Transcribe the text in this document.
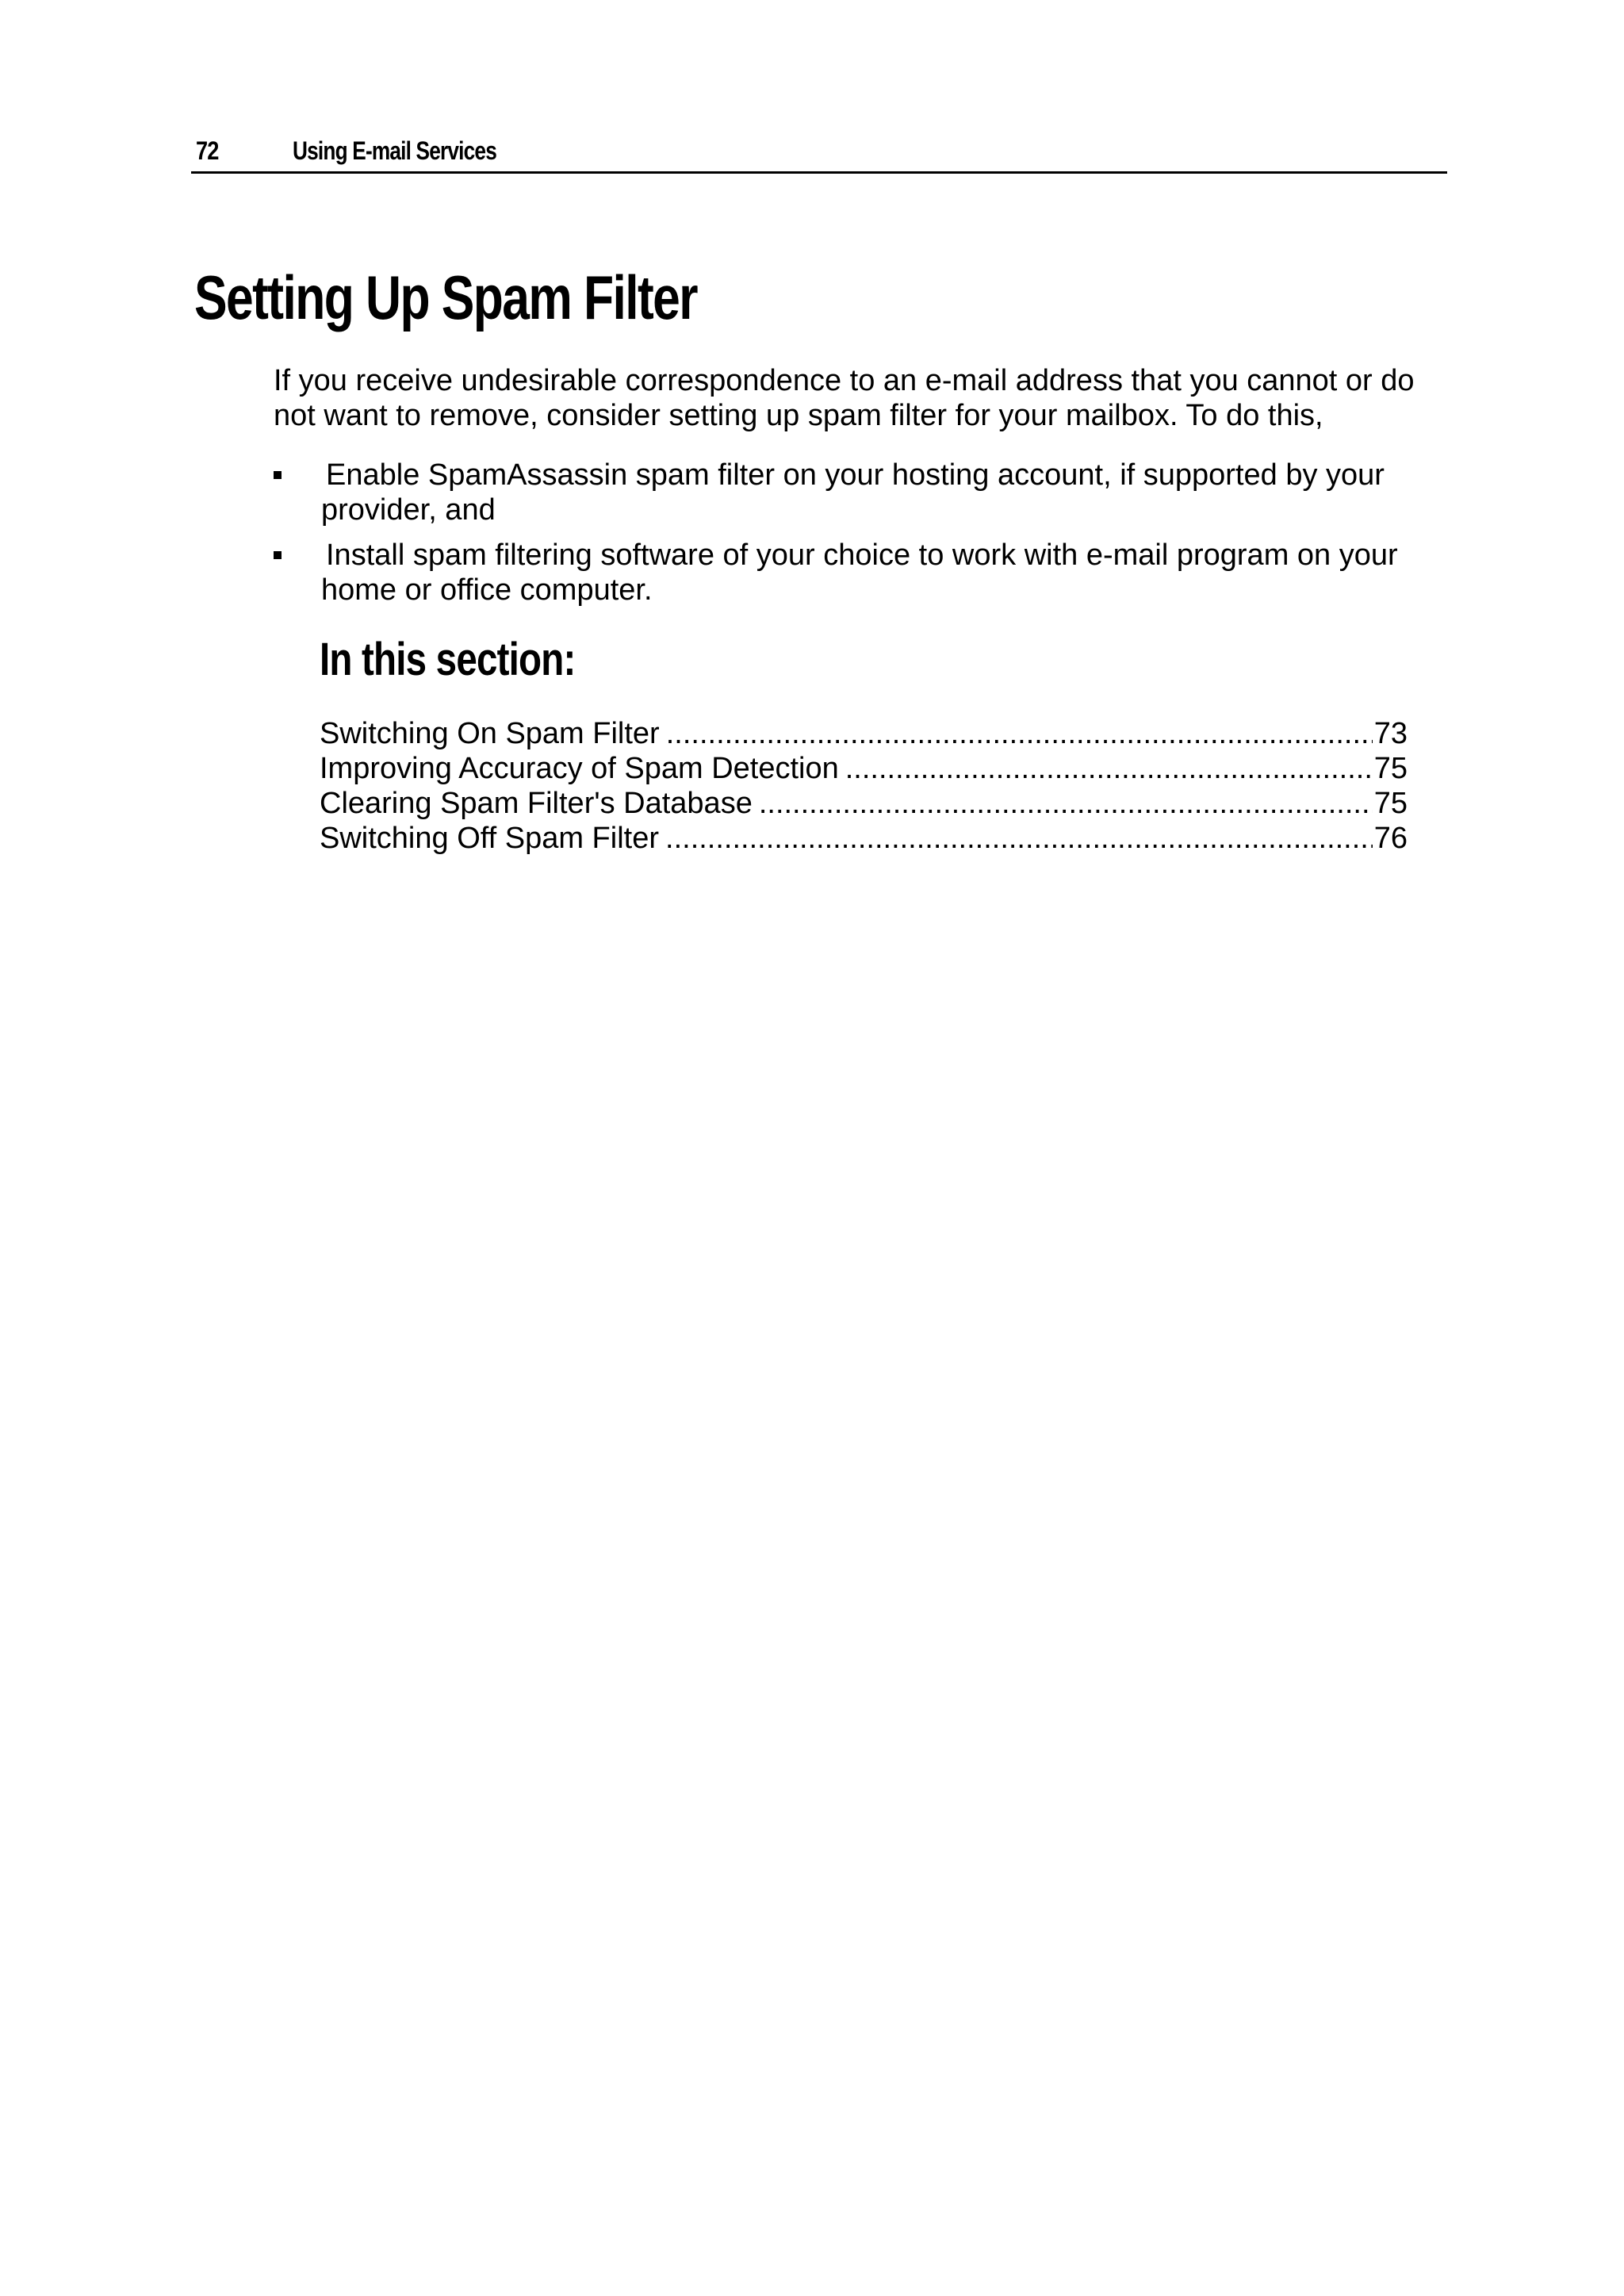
72	Using E-mail Services
Setting Up Spam Filter

If you receive undesirable correspondence to an e-mail address that you cannot or do not want to remove, consider setting up spam filter for your mailbox. To do this,

Enable SpamAssassin spam filter on your hosting account, if supported by your provider, and
Install spam filtering software of your choice to work with e-mail program on your home or office computer.
In this section:
Switching On Spam Filter .....	73
Improving Accuracy of Spam Detection .....	75
Clearing Spam Filter's Database .....	75
Switching Off Spam Filter .....	76
